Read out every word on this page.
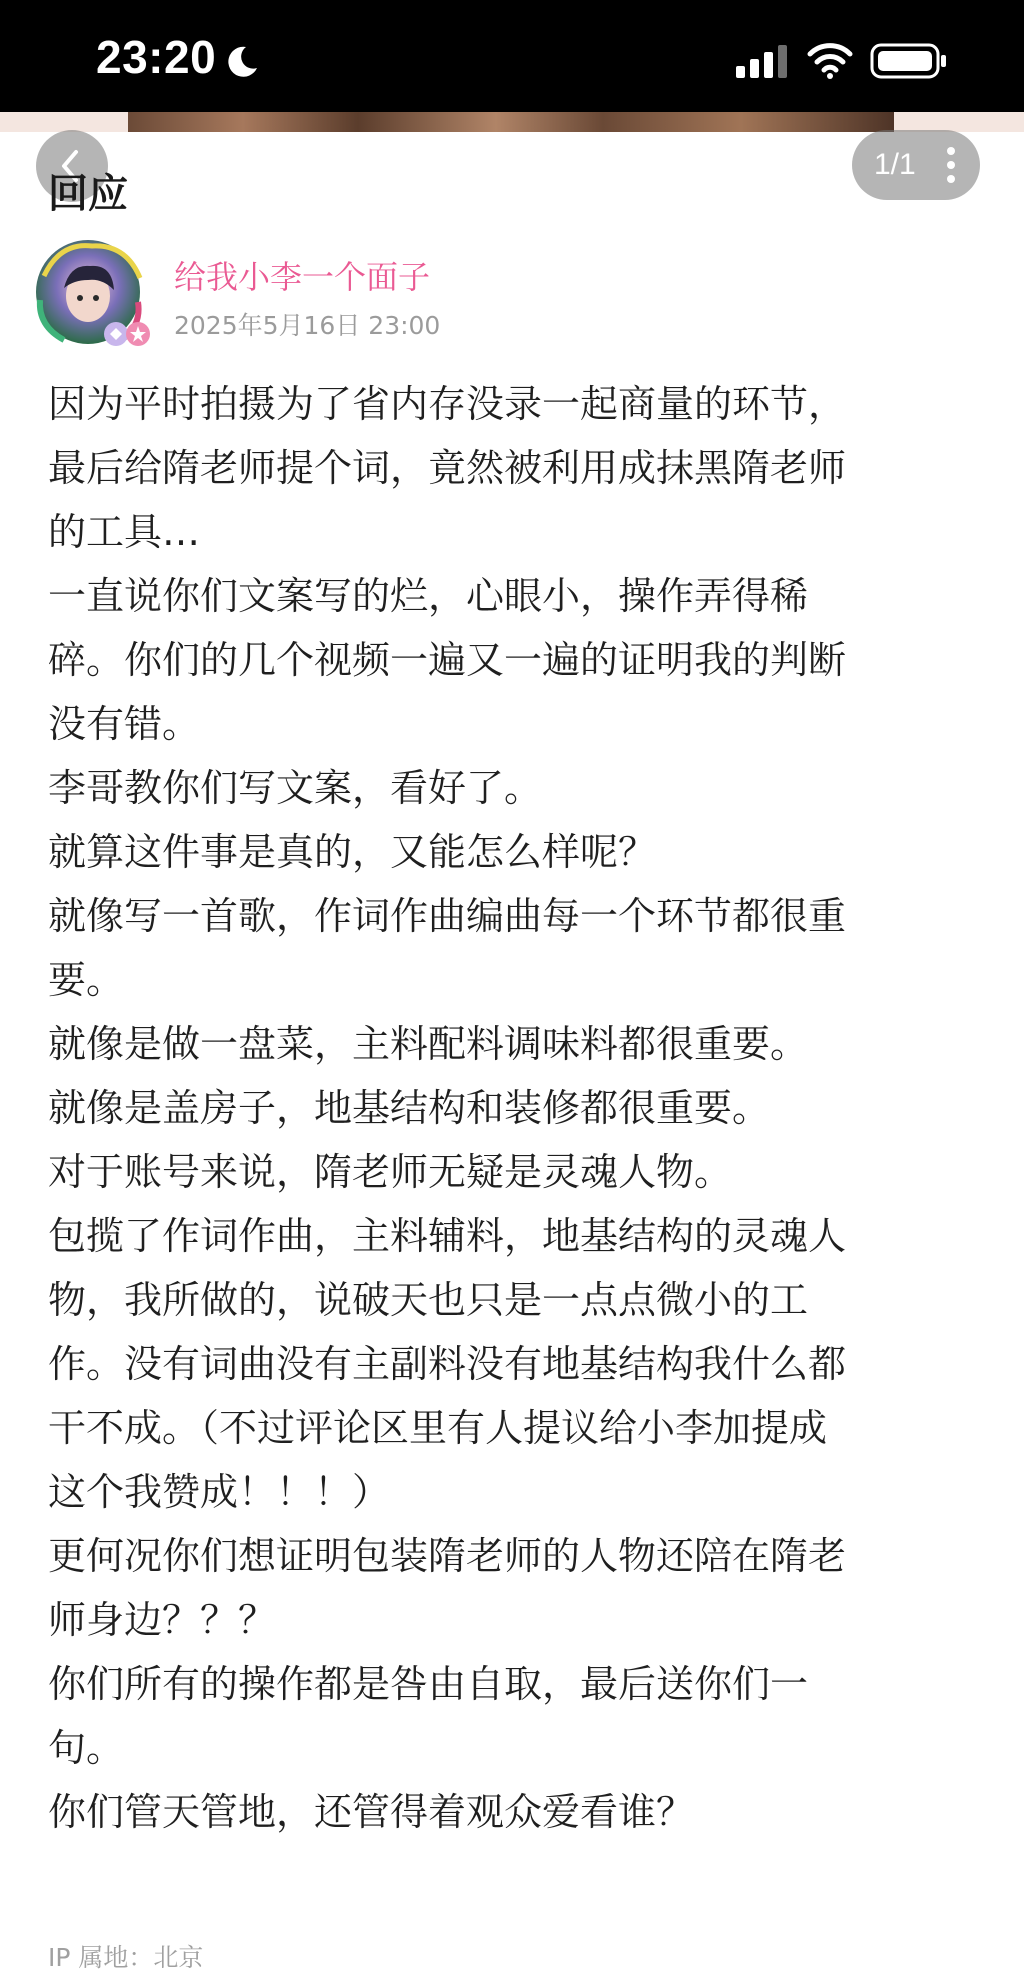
23:20
1/1
回应
给我小李一个面子
2025年5月16日 23:00
因为平时拍摄为了省内存没录一起商量的环节，
最后给隋老师提个词，竟然被利用成抹黑隋老师
的工具…
一直说你们文案写的烂，心眼小，操作弄得稀
碎。你们的几个视频一遍又一遍的证明我的判断
没有错。
李哥教你们写文案，看好了。
就算这件事是真的，又能怎么样呢？
就像写一首歌，作词作曲编曲每一个环节都很重
要。
就像是做一盘菜，主料配料调味料都很重要。
就像是盖房子，地基结构和装修都很重要。
对于账号来说，隋老师无疑是灵魂人物。
包揽了作词作曲，主料辅料，地基结构的灵魂人
物，我所做的，说破天也只是一点点微小的工
作。没有词曲没有主副料没有地基结构我什么都
干不成。（不过评论区里有人提议给小李加提成
这个我赞成！！！）
更何况你们想证明包装隋老师的人物还陪在隋老
师身边？？？
你们所有的操作都是咎由自取，最后送你们一
句。
你们管天管地，还管得着观众爱看谁？
IP 属地：北京
